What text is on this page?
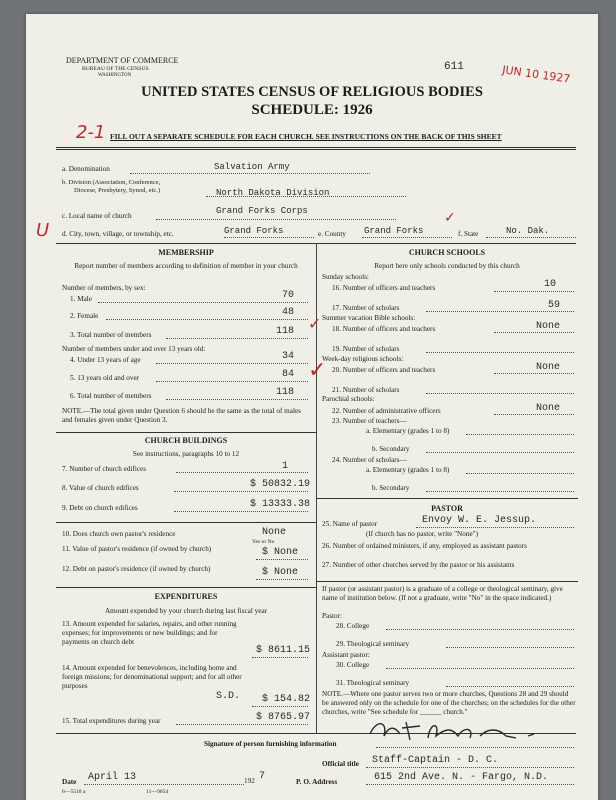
DEPARTMENT OF COMMERCE
BUREAU OF THE CENSUS
WASHINGTON
611	JUN 10 1927
UNITED STATES CENSUS OF RELIGIOUS BODIES
SCHEDULE: 1926
2-1 FILL OUT A SEPARATE SCHEDULE FOR EACH CHURCH. SEE INSTRUCTIONS ON THE BACK OF THIS SHEET
a. Denomination	Salvation Army
b. Division (Association, Conference,
Diocese, Presbytery, Synod, etc.)	North Dakota Division
c. Local name of church	Grand Forks Corps
U d. City, town, village, or township, etc.	Grand Forks	e. County Grand Forks	f. State	No. Dak.
✓
MEMBERSHIP
Report number of members according to definition of member in your church
Number of members, by sex:
1. Male	70
2. Female	48
3. Total number of members	118 ✓
Number of members under and over 13 years old:
4. Under 13 years of age	34
5. 13 years old and over	84 ✓
6. Total number of members	118
NOTE.—The total given under Question 6 should be the same as the total of males and females given under Question 3.
CHURCH BUILDINGS
See instructions, paragraphs 10 to 12
7. Number of church edifices	1
8. Value of church edifices	$ 50832.19
9. Debt on church edifices	$ 13333.38
10. Does church own pastor's residence
Yes or No
None
11. Value of pastor's residence (if owned by church)	$ None
12. Debt on pastor's residence (if owned by church)	$ None
EXPENDITURES
Amount expended by your church during last fiscal year
13. Amount expended for salaries, repairs, and other running expenses; for improvements or new buildings; and for payments on church debt
$ 8611.15
14. Amount expended for benevolences, including home and foreign missions; for denominational support; and for all other purposes
S.D. $ 154.82
15. Total expenditures during year	$ 8765.97
CHURCH SCHOOLS
Report here only schools conducted by this church
Sunday schools:
16. Number of officers and teachers	10
17. Number of scholars	59
Summer vacation Bible schools:
18. Number of officers and teachers	None
19. Number of scholars
Week-day religious schools:
20. Number of officers and teachers	None
21. Number of scholars
Parochial schools:
22. Number of administrative officers	None
23. Number of teachers—
a. Elementary (grades 1 to 8)
b. Secondary
24. Number of scholars—
a. Elementary (grades 1 to 8)
b. Secondary
PASTOR
25. Name of pastor	Envoy W. E. Jessup.
(If church has no pastor, write "None")
26. Number of ordained ministers, if any, employed as assistant pastors
27. Number of other churches served by the pastor or his assistants
If pastor (or assistant pastor) is a graduate of a college or theological seminary, give name of institution below. (If not a graduate, write "No" in the space indicated.)
Pastor:
28. College
29. Theological seminary
Assistant pastor:
30. College
31. Theological seminary
NOTE.—Where one pastor serves two or more churches, Questions 28 and 29 should be answered only on the schedule for one of the churches; on the schedules for the other churches, write "See schedule for ______ church."
Signature of person furnishing information
Official title Staff-Captain - D. C.
Date April 13	192 7	P. O. Address	615 2nd Ave. N. - Fargo, N.D.
6—5518 a	11—9054
